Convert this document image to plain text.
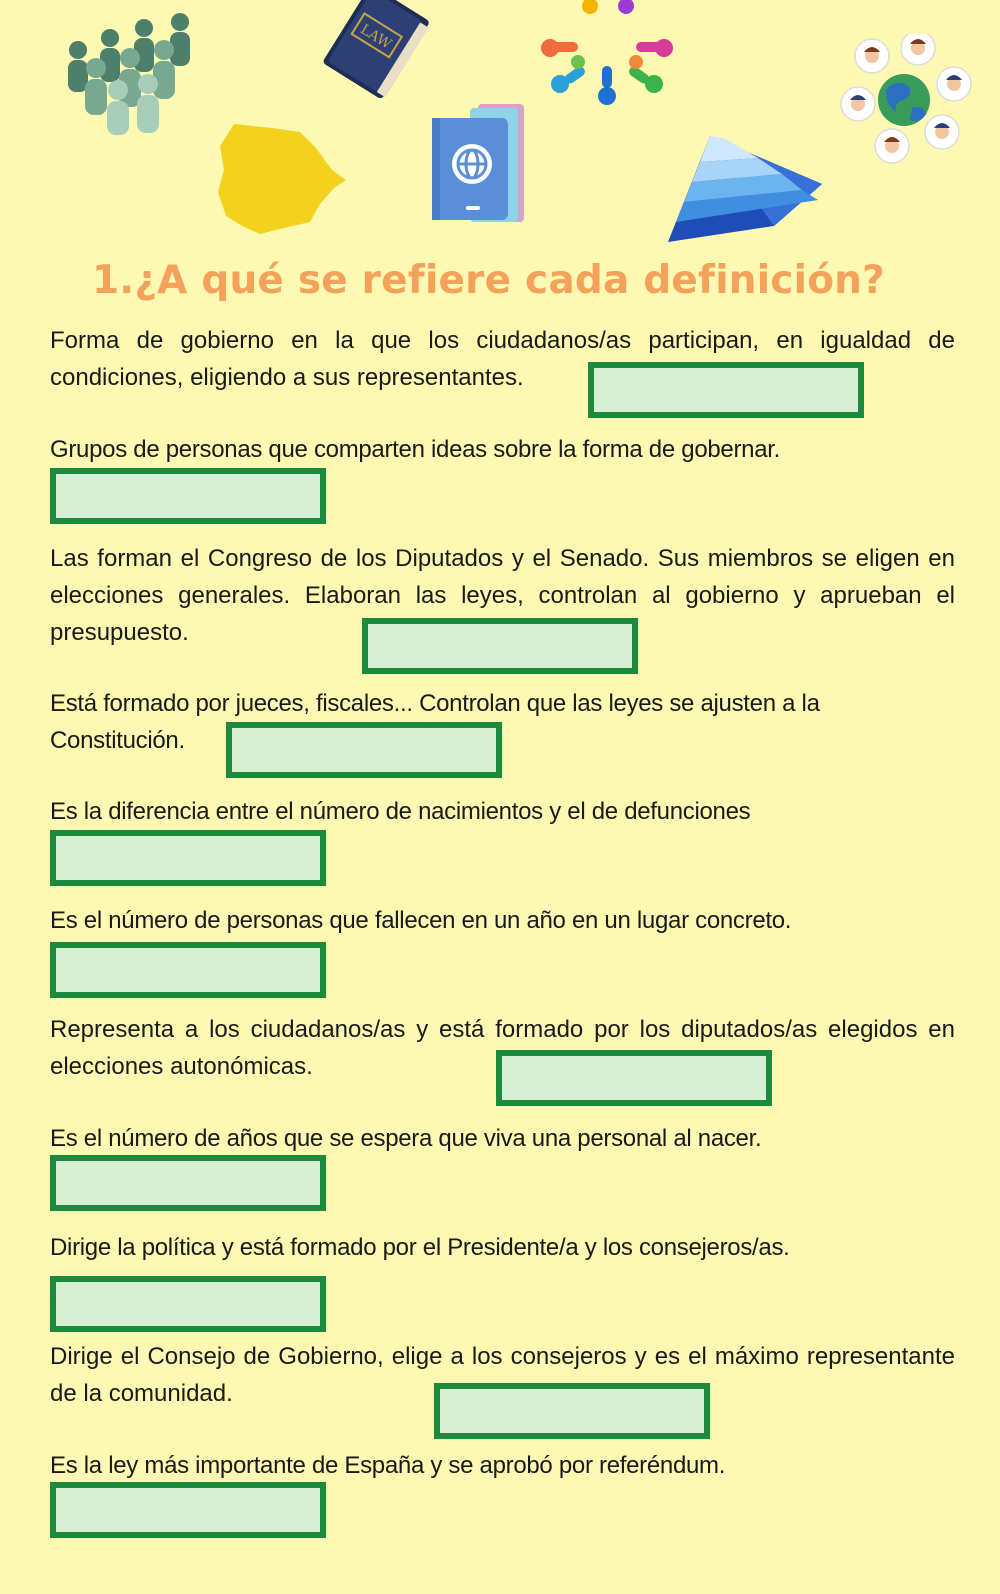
LAW
1.¿A qué se refiere cada definición?

Forma de gobierno en la que los ciudadanos/as participan, en igualdad de condiciones, eligiendo a sus representantes.

Grupos de personas que comparten ideas sobre la forma de gobernar.

Las forman el Congreso de los Diputados y el Senado. Sus miembros se eligen en elecciones generales. Elaboran las leyes, controlan al gobierno y aprueban el presupuesto.

Está formado por jueces, fiscales... Controlan que las leyes se ajusten a la Constitución.

Es la diferencia entre el número de nacimientos y el de defunciones

Es el número de personas que fallecen en un año en un lugar concreto.

Representa a los ciudadanos/as y está formado por los diputados/as elegidos en elecciones autonómicas.

Es el número de años que se espera que viva una personal al nacer.

Dirige la política y está formado por el Presidente/a y los consejeros/as.

Dirige el Consejo de Gobierno, elige a los consejeros y es el máximo representante de la comunidad.

Es la ley más importante de España y se aprobó por referéndum.
